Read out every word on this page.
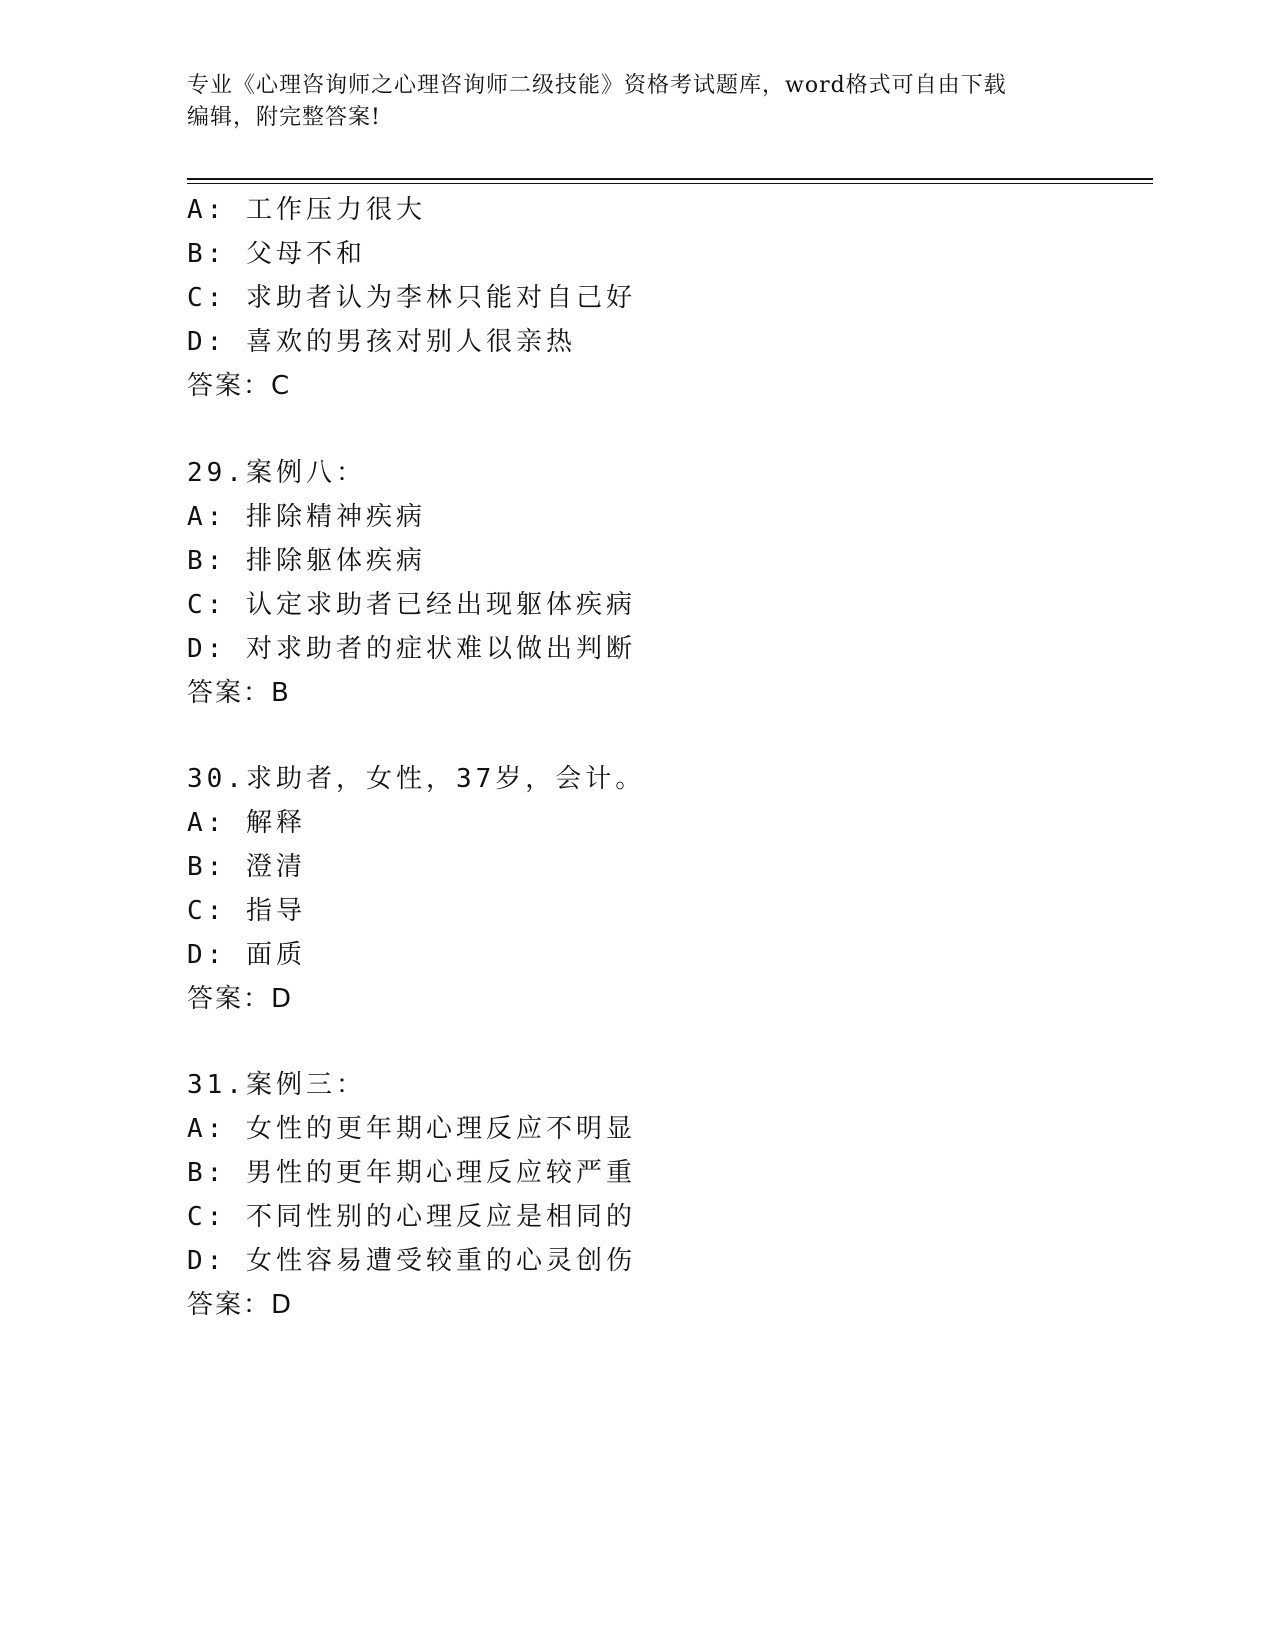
专业《心理咨询师之心理咨询师二级技能》资格考试题库，word格式可自由下载
编辑，附完整答案!
A: 工作压力很大
B: 父母不和
C: 求助者认为李林只能对自己好
D: 喜欢的男孩对别人很亲热
答案：C
29.案例八：
A: 排除精神疾病
B: 排除躯体疾病
C: 认定求助者已经出现躯体疾病
D: 对求助者的症状难以做出判断
答案：B
30.求助者，女性，37岁，会计。
A: 解释
B: 澄清
C: 指导
D: 面质
答案：D
31.案例三：
A: 女性的更年期心理反应不明显
B: 男性的更年期心理反应较严重
C: 不同性别的心理反应是相同的
D: 女性容易遭受较重的心灵创伤
答案：D
